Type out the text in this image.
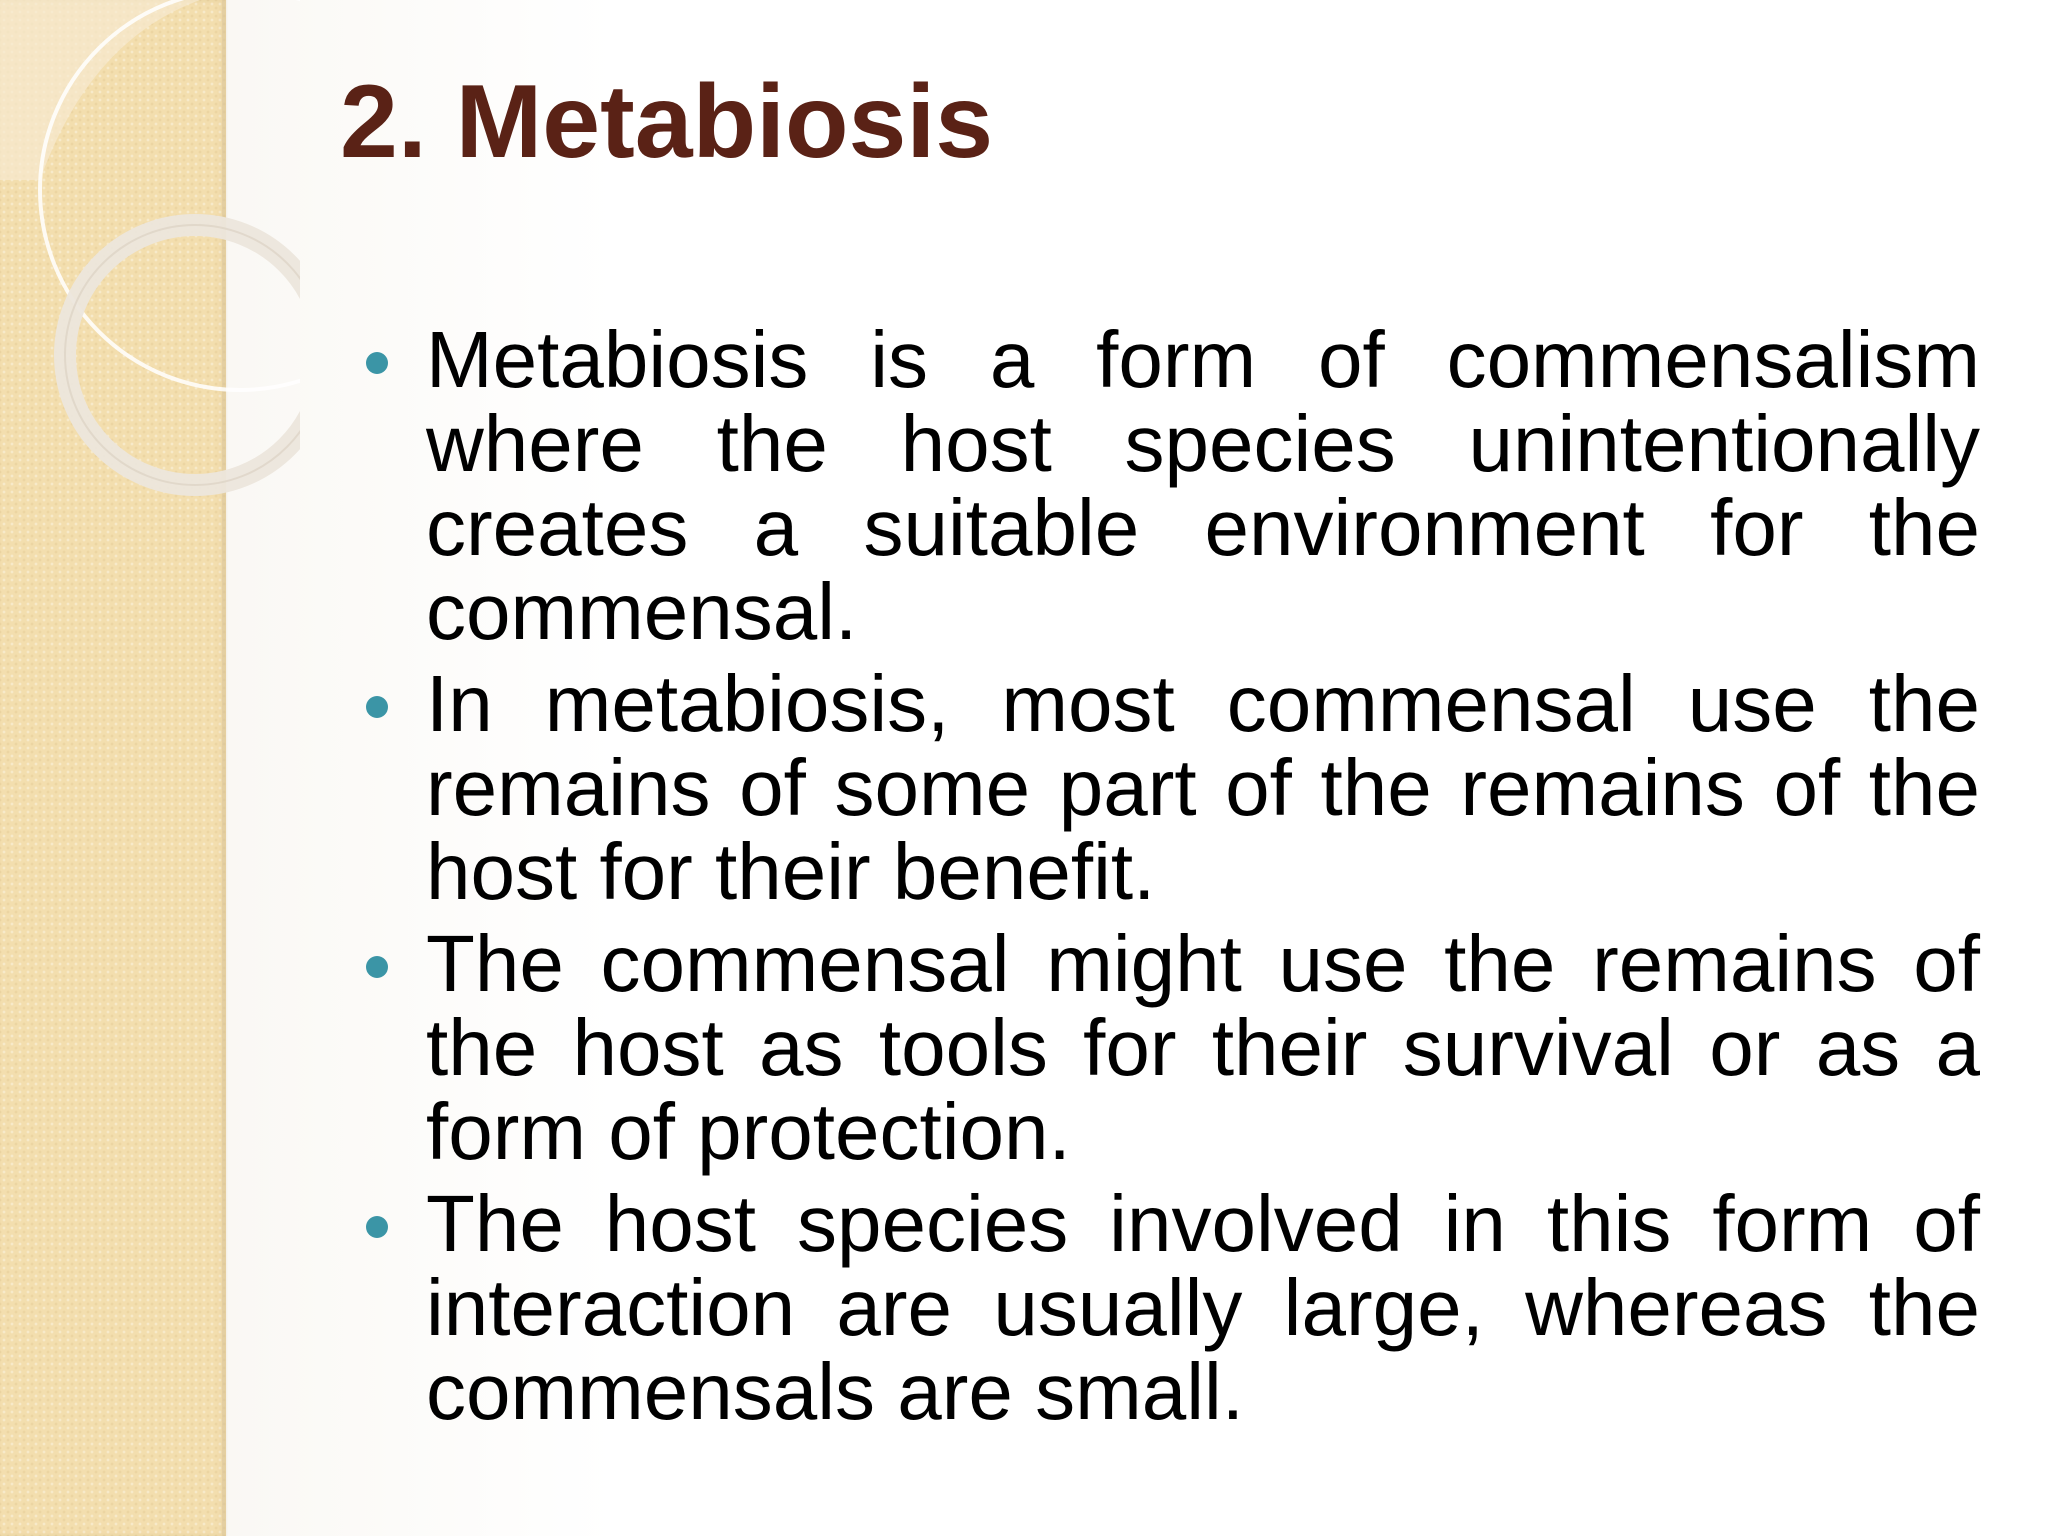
2. Metabiosis
Metabiosis is a form of commensalism where the host species unintentionally creates a suitable environment for the commensal.
In metabiosis, most commensal use the remains of some part of the remains of the host for their benefit.
The commensal might use the remains of the host as tools for their survival or as a form of protection.
The host species involved in this form of interaction are usually large, whereas the commensals are small.
